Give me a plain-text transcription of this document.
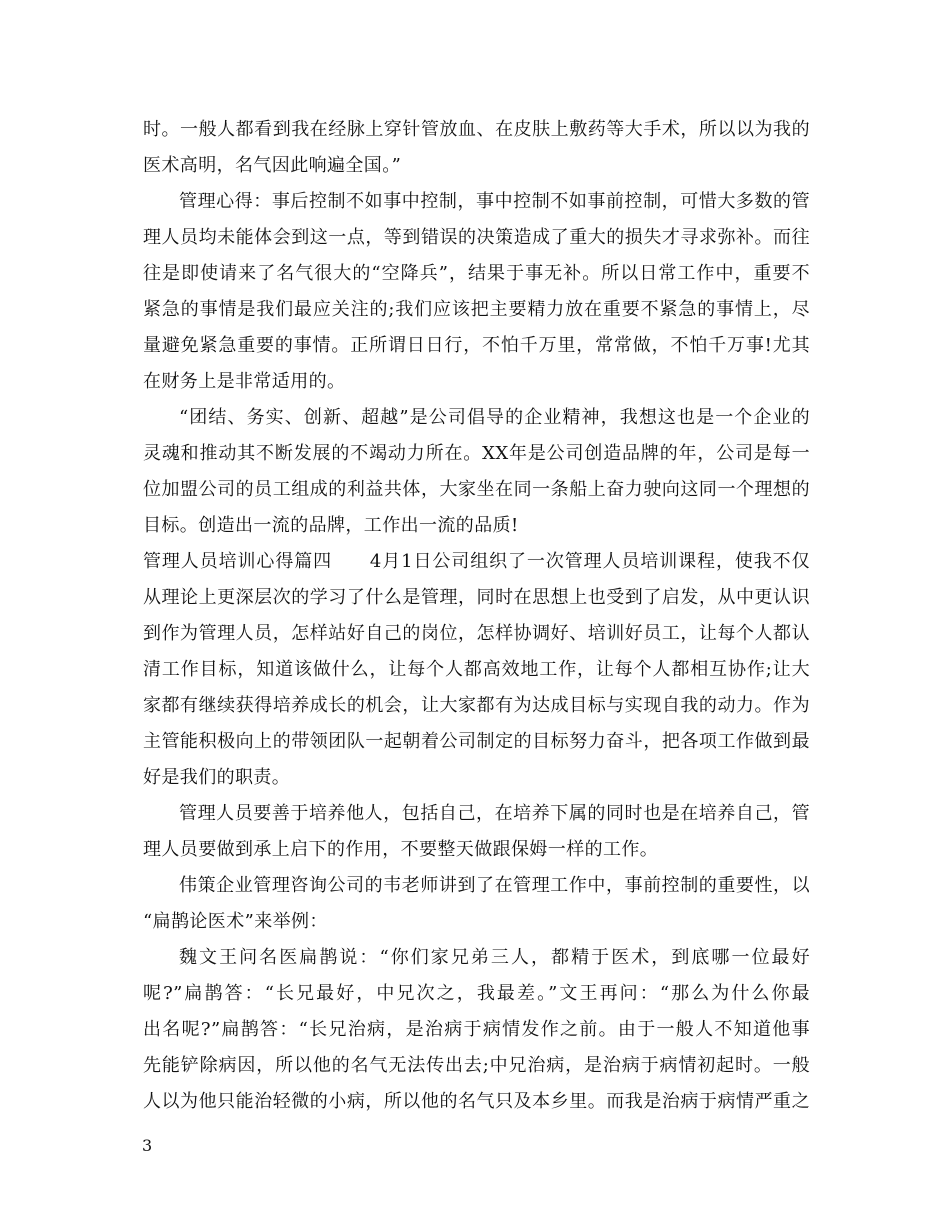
时。一般人都看到我在经脉上穿针管放血、在皮肤上敷药等大手术，所以以为我的
医术高明，名气因此响遍全国。”
管理心得：事后控制不如事中控制，事中控制不如事前控制，可惜大多数的管
理人员均未能体会到这一点，等到错误的决策造成了重大的损失才寻求弥补。而往
往是即使请来了名气很大的“空降兵”，结果于事无补。所以日常工作中，重要不
紧急的事情是我们最应关注的;我们应该把主要精力放在重要不紧急的事情上，尽
量避免紧急重要的事情。正所谓日日行，不怕千万里，常常做，不怕千万事!尤其
在财务上是非常适用的。
“团结、务实、创新、超越”是公司倡导的企业精神，我想这也是一个企业的
灵魂和推动其不断发展的不竭动力所在。XX年是公司创造品牌的年，公司是每一
位加盟公司的员工组成的利益共体，大家坐在同一条船上奋力驶向这同一个理想的
目标。创造出一流的品牌，工作出一流的品质!
管理人员培训心得篇四　　4月1日公司组织了一次管理人员培训课程，使我不仅
从理论上更深层次的学习了什么是管理，同时在思想上也受到了启发，从中更认识
到作为管理人员，怎样站好自己的岗位，怎样协调好、培训好员工，让每个人都认
清工作目标，知道该做什么，让每个人都高效地工作，让每个人都相互协作;让大
家都有继续获得培养成长的机会，让大家都有为达成目标与实现自我的动力。作为
主管能积极向上的带领团队一起朝着公司制定的目标努力奋斗，把各项工作做到最
好是我们的职责。
管理人员要善于培养他人，包括自己，在培养下属的同时也是在培养自己，管
理人员要做到承上启下的作用，不要整天做跟保姆一样的工作。
伟策企业管理咨询公司的韦老师讲到了在管理工作中，事前控制的重要性，以
“扁鹊论医术”来举例：
魏文王问名医扁鹊说：“你们家兄弟三人，都精于医术，到底哪一位最好
呢?”扁鹊答：“长兄最好，中兄次之，我最差。”文王再问：“那么为什么你最
出名呢?”扁鹊答：“长兄治病，是治病于病情发作之前。由于一般人不知道他事
先能铲除病因，所以他的名气无法传出去;中兄治病，是治病于病情初起时。一般
人以为他只能治轻微的小病，所以他的名气只及本乡里。而我是治病于病情严重之
3
